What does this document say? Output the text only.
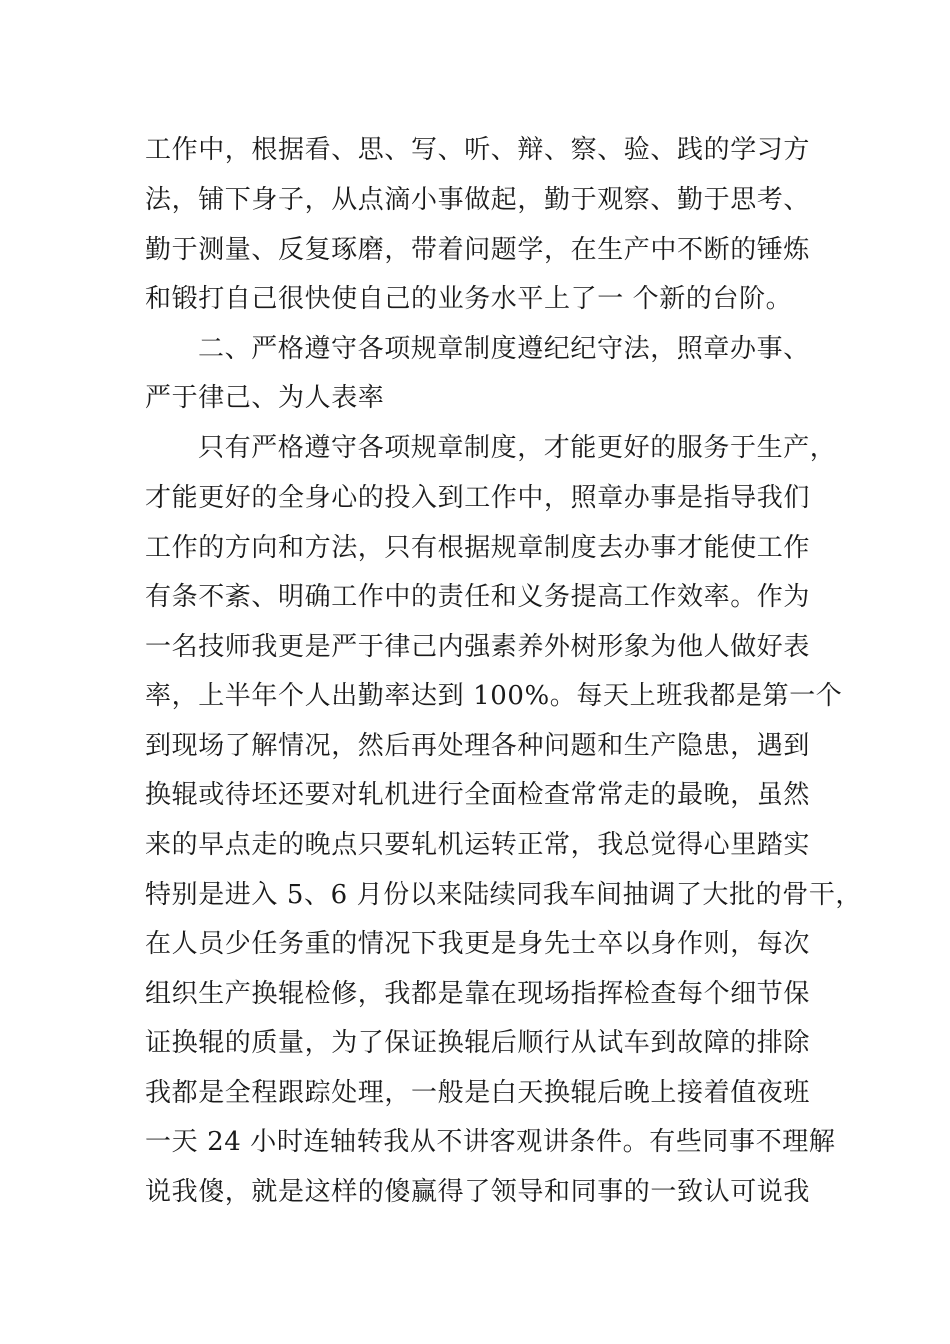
工作中，根据看、思、写、听、辩、察、验、践的学习方
法，铺下身子，从点滴小事做起，勤于观察、勤于思考、
勤于测量、反复琢磨，带着问题学，在生产中不断的锤炼
和锻打自己很快使自己的业务水平上了一 个新的台阶。
二、严格遵守各项规章制度遵纪纪守法，照章办事、
严于律己、为人表率
只有严格遵守各项规章制度，才能更好的服务于生产，
才能更好的全身心的投入到工作中，照章办事是指导我们
工作的方向和方法，只有根据规章制度去办事才能使工作
有条不紊、明确工作中的责任和义务提高工作效率。作为
一名技师我更是严于律己内强素养外树形象为他人做好表
率，上半年个人出勤率达到 100%。每天上班我都是第一个
到现场了解情况，然后再处理各种问题和生产隐患，遇到
换辊或待坯还要对轧机进行全面检查常常走的最晚，虽然
来的早点走的晚点只要轧机运转正常，我总觉得心里踏实
特别是进入 5、6 月份以来陆续同我车间抽调了大批的骨干，
在人员少任务重的情况下我更是身先士卒以身作则，每次
组织生产换辊检修，我都是靠在现场指挥检查每个细节保
证换辊的质量，为了保证换辊后顺行从试车到故障的排除
我都是全程跟踪处理，一般是白天换辊后晚上接着值夜班
一天 24 小时连轴转我从不讲客观讲条件。有些同事不理解
说我傻，就是这样的傻赢得了领导和同事的一致认可说我
